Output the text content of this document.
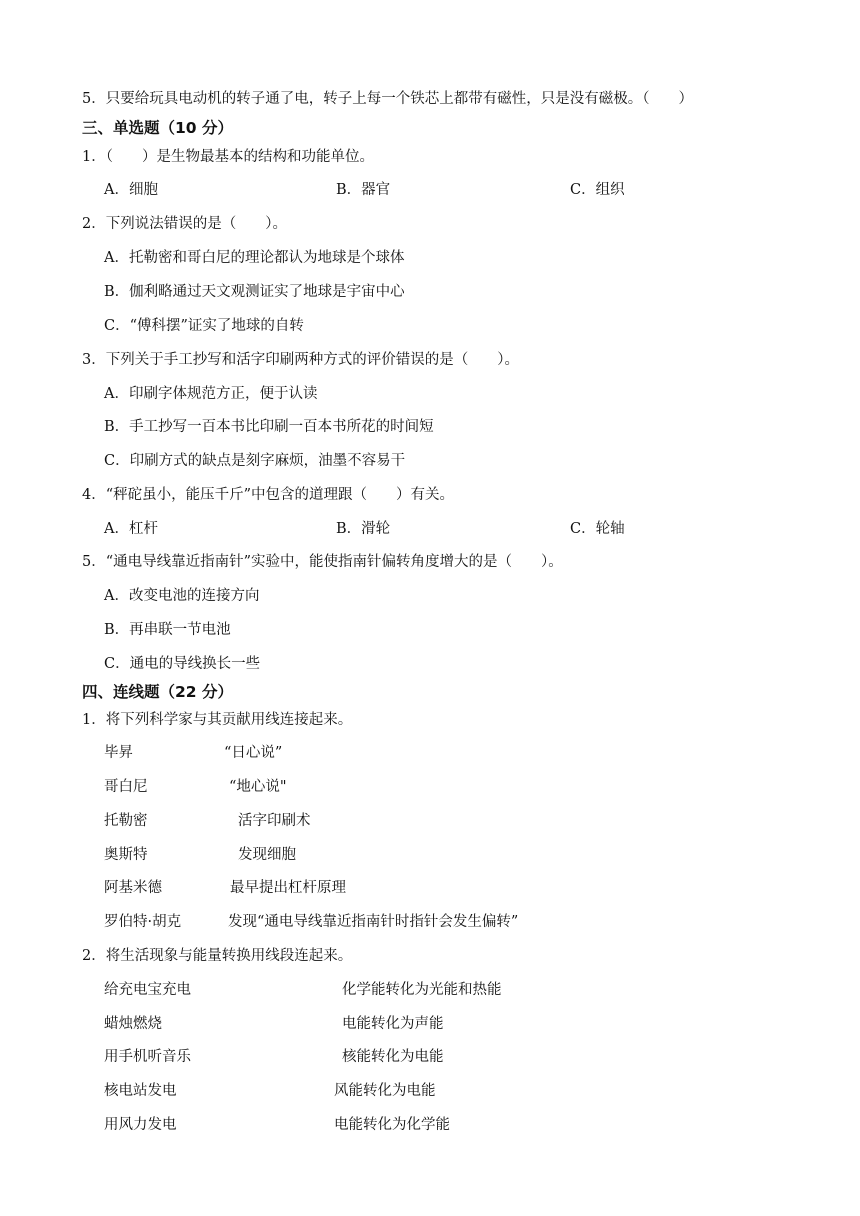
5．只要给玩具电动机的转子通了电，转子上每一个铁芯上都带有磁性，只是没有磁极。（　　）
三、单选题（10 分）
1．（　　）是生物最基本的结构和功能单位。
A．细胞	B．器官	C．组织
2．下列说法错误的是（　　）。
A．托勒密和哥白尼的理论都认为地球是个球体
B．伽利略通过天文观测证实了地球是宇宙中心
C．“傅科摆”证实了地球的自转
3．下列关于手工抄写和活字印刷两种方式的评价错误的是（　　）。
A．印刷字体规范方正，便于认读
B．手工抄写一百本书比印刷一百本书所花的时间短
C．印刷方式的缺点是刻字麻烦，油墨不容易干
4．“秤砣虽小，能压千斤”中包含的道理跟（　　）有关。
A．杠杆	B．滑轮	C．轮轴
5．“通电导线靠近指南针”实验中，能使指南针偏转角度增大的是（　　）。
A．改变电池的连接方向
B．再串联一节电池
C．通电的导线换长一些
四、连线题（22 分）
1．将下列科学家与其贡献用线连接起来。
毕昇	“日心说”
哥白尼	“地心说"
托勒密	活字印刷术
奥斯特	发现细胞
阿基米德	最早提出杠杆原理
罗伯特·胡克	发现“通电导线靠近指南针时指针会发生偏转”
2．将生活现象与能量转换用线段连起来。
给充电宝充电	化学能转化为光能和热能
蜡烛燃烧	电能转化为声能
用手机听音乐	核能转化为电能
核电站发电	风能转化为电能
用风力发电	电能转化为化学能
